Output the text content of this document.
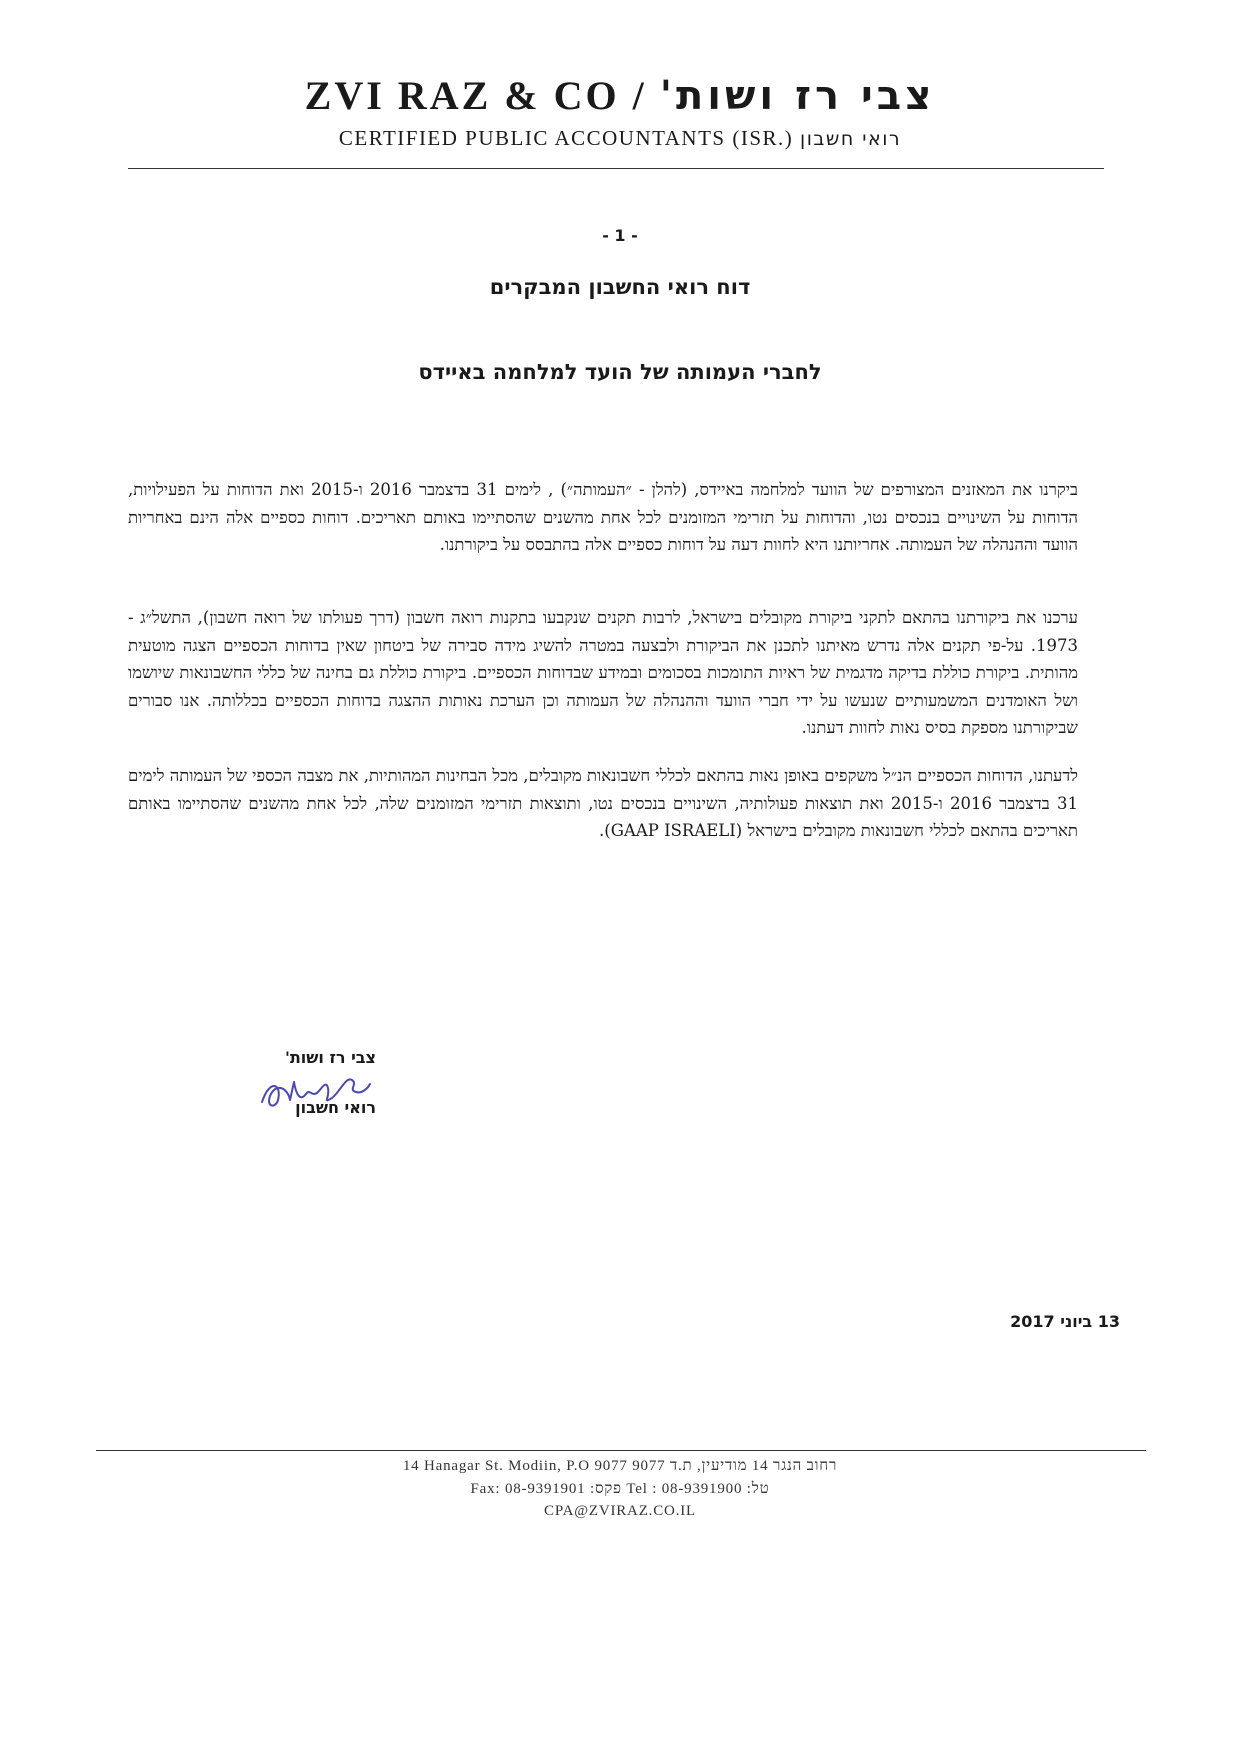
ZVI RAZ & CO / צבי רז ושות'
CERTIFIED PUBLIC ACCOUNTANTS (ISR.) רואי חשבון
- 1 -
דוח רואי החשבון המבקרים
לחברי העמותה של הועד למלחמה באיידס
ביקרנו את המאזנים המצורפים של הוועד למלחמה באיידס, (להלן - ״העמותה״) , לימים 31 בדצמבר 2016 ו-2015 ואת הדוחות על הפעילויות, הדוחות על השינויים בנכסים נטו, והדוחות על תזרימי המזומנים לכל אחת מהשנים שהסתיימו באותם תאריכים. דוחות כספיים אלה הינם באחריות הוועד וההנהלה של העמותה. אחריותנו היא לחוות דעה על דוחות כספיים אלה בהתבסס על ביקורתנו.
ערכנו את ביקורתנו בהתאם לתקני ביקורת מקובלים בישראל, לרבות תקנים שנקבעו בתקנות רואה חשבון (דרך פעולתו של רואה חשבון), התשל״ג - 1973. על-פי תקנים אלה נדרש מאיתנו לתכנן את הביקורת ולבצעה במטרה להשיג מידה סבירה של ביטחון שאין בדוחות הכספיים הצגה מוטעית מהותית. ביקורת כוללת בדיקה מדגמית של ראיות התומכות בסכומים ובמידע שבדוחות הכספיים. ביקורת כוללת גם בחינה של כללי החשבונאות שיושמו ושל האומדנים המשמעותיים שנעשו על ידי חברי הוועד וההנהלה של העמותה וכן הערכת נאותות ההצגה בדוחות הכספיים בכללותה. אנו סבורים שביקורתנו מספקת בסיס נאות לחוות דעתנו.
לדעתנו, הדוחות הכספיים הנ״ל משקפים באופן נאות בהתאם לכללי חשבונאות מקובלים, מכל הבחינות המהותיות, את מצבה הכספי של העמותה לימים 31 בדצמבר 2016 ו-2015 ואת תוצאות פעולותיה, השינויים בנכסים נטו, ותוצאות תזרימי המזומנים שלה, לכל אחת מהשנים שהסתיימו באותם תאריכים בהתאם לכללי חשבונאות מקובלים בישראל (GAAP ISRAELI).
צבי רז ושות'
רואי חשבון
13 ביוני 2017
14 Hanagar St. Modiin, P.O 9077 רחוב הנגר 14 מודיעין, ת.ד 9077
Fax: 08-9391901 :פקס Tel : 08-9391900 :טל
CPA@ZVIRAZ.CO.IL
